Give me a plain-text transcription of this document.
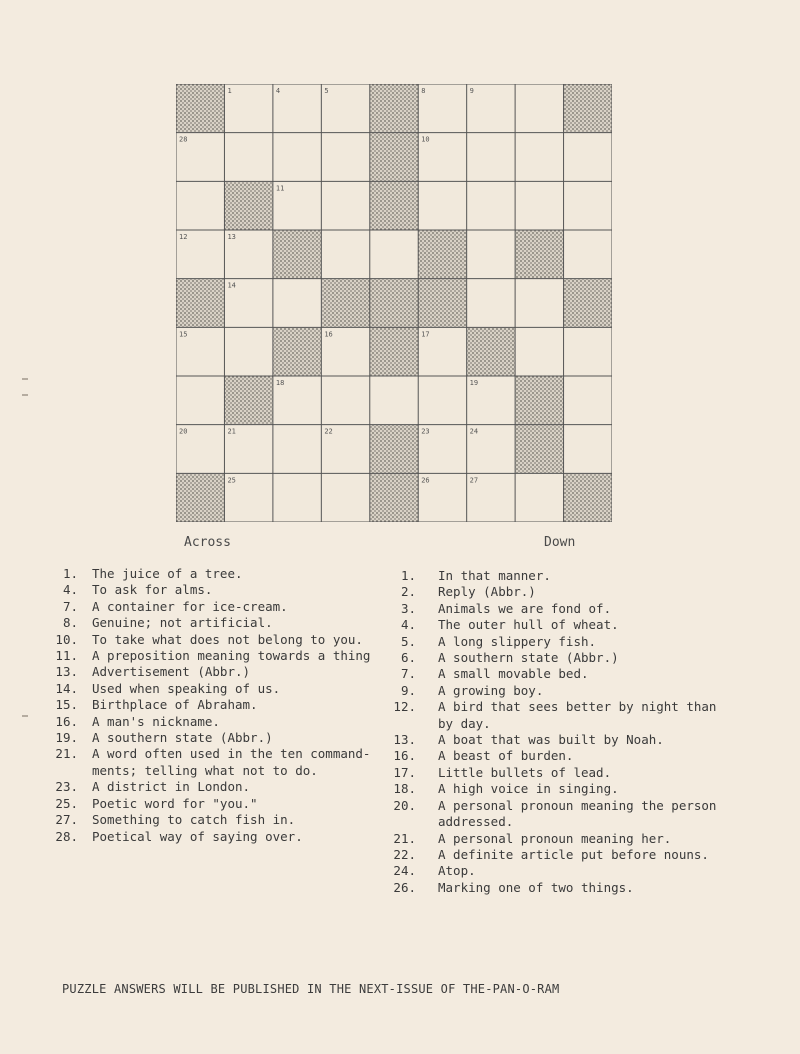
1	4	5	8	9
10
11
12	13
14
15	16	17
18	19
20	21	22	23	24
25	26	27
28
Across	Down
1. The juice of a tree.
4. To ask for alms.
7. A container for ice-cream.
8. Genuine; not artificial.
10. To take what does not belong to you.
11. A preposition meaning towards a thing
13. Advertisement (Abbr.)
14. Used when speaking of us.
15. Birthplace of Abraham.
16. A man's nickname.
19. A southern state (Abbr.)
21. A word often used in the ten command-
ments; telling what not to do.
23. A district in London.
25. Poetic word for "you."
27. Something to catch fish in.
28. Poetical way of saying over.
1. In that manner.
2. Reply (Abbr.)
3. Animals we are fond of.
4. The outer hull of wheat.
5. A long slippery fish.
6. A southern state (Abbr.)
7. A small movable bed.
9. A growing boy.
12. A bird that sees better by night than
by day.
13. A boat that was built by Noah.
16. A beast of burden.
17. Little bullets of lead.
18. A high voice in singing.
20. A personal pronoun meaning the person
addressed.
21. A personal pronoun meaning her.
22. A definite article put before nouns.
24. Atop.
26. Marking one of two things.
PUZZLE ANSWERS WILL BE PUBLISHED IN THE NEXT-ISSUE OF THE-PAN-O-RAM
